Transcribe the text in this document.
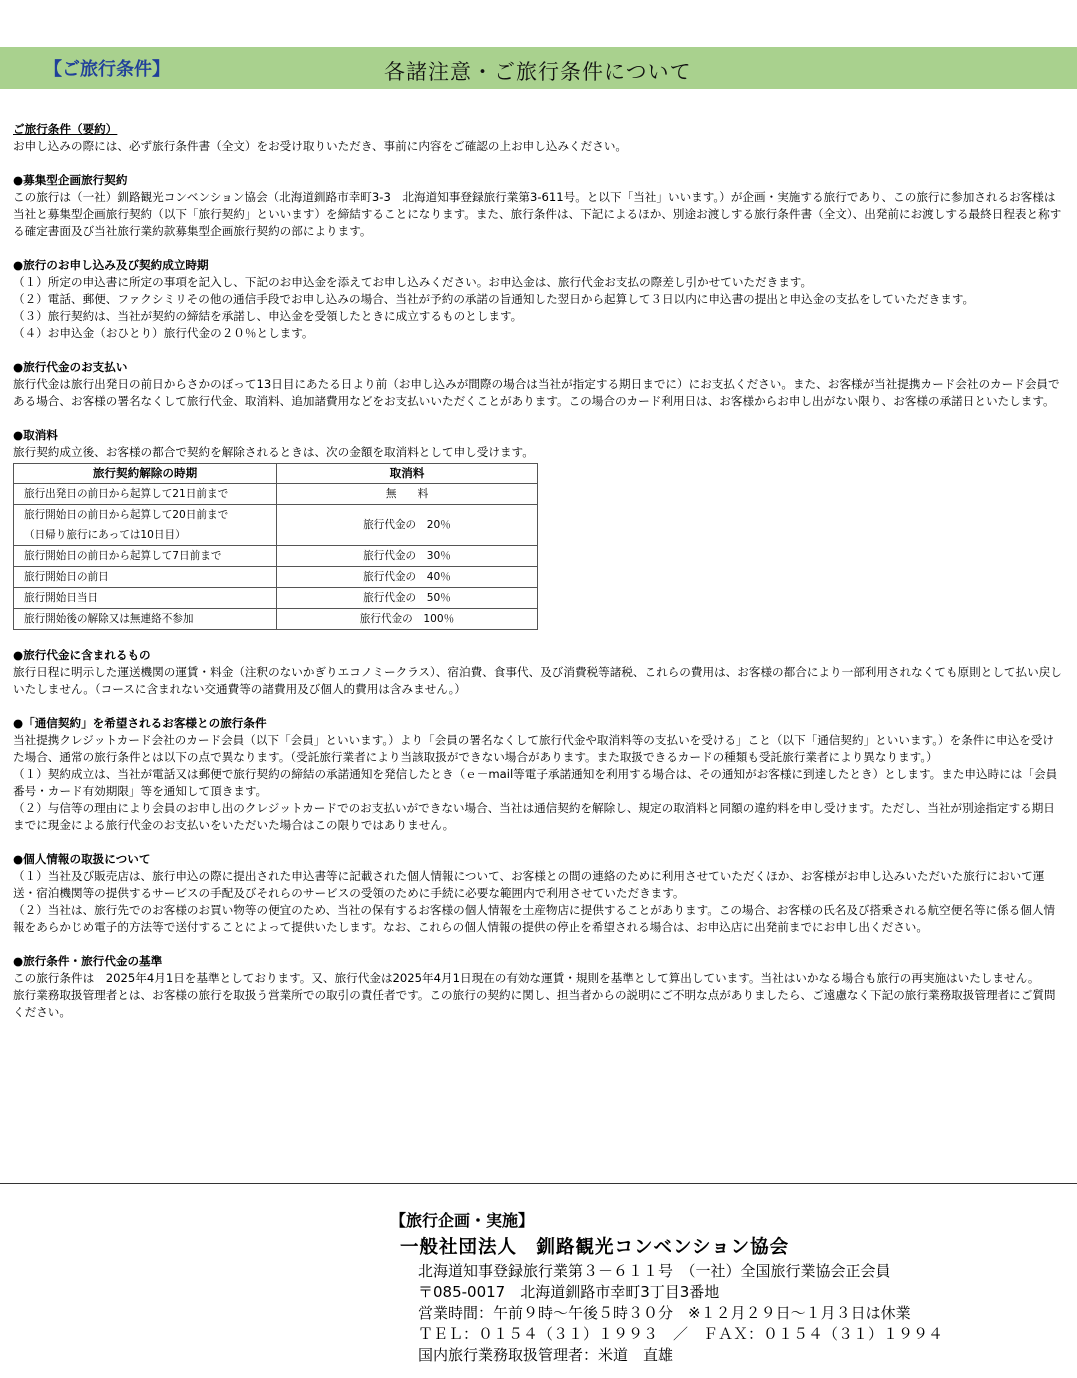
【ご旅行条件】	各諸注意・ご旅行条件について

ご旅行条件（要約）

お申し込みの際には、必ず旅行条件書（全文）をお受け取りいただき、事前に内容をご確認の上お申し込みください。

●募集型企画旅行契約

この旅行は（一社）釧路観光コンベンション協会（北海道釧路市幸町3-3　北海道知事登録旅行業第3-611号。と以下「当社」いいます。）が企画・実施する旅行であり、この旅行に参加されるお客様は当社と募集型企画旅行契約（以下「旅行契約」といいます）を締結することになります。また、旅行条件は、下記によるほか、別途お渡しする旅行条件書（全文）、出発前にお渡しする最終日程表と称する確定書面及び当社旅行業約款募集型企画旅行契約の部によります。

●旅行のお申し込み及び契約成立時期

（１）所定の申込書に所定の事項を記入し、下記のお申込金を添えてお申し込みください。お申込金は、旅行代金お支払の際差し引かせていただきます。

（２）電話、郵便、ファクシミリその他の通信手段でお申し込みの場合、当社が予約の承諾の旨通知した翌日から起算して３日以内に申込書の提出と申込金の支払をしていただきます。

（３）旅行契約は、当社が契約の締結を承諾し、申込金を受領したときに成立するものとします。

（４）お申込金（おひとり）旅行代金の２０％とします。

●旅行代金のお支払い

旅行代金は旅行出発日の前日からさかのぼって13日目にあたる日より前（お申し込みが間際の場合は当社が指定する期日までに）にお支払ください。また、お客様が当社提携カード会社のカード会員である場合、お客様の署名なくして旅行代金、取消料、追加諸費用などをお支払いいただくことがあります。この場合のカード利用日は、お客様からお申し出がない限り、お客様の承諾日といたします。

●取消料

旅行契約成立後、お客様の都合で契約を解除されるときは、次の金額を取消料として申し受けます。

旅行契約解除の時期	取消料
旅行出発日の前日から起算して21日前まで	無　　料

旅行開始日の前日から起算して20日前まで
（日帰り旅行にあっては10日目）	旅行代金の　20％
旅行開始日の前日から起算して7日前まで	旅行代金の　30％
旅行開始日の前日	旅行代金の　40％
旅行開始日当日	旅行代金の　50％
旅行開始後の解除又は無連絡不参加	旅行代金の　100％

●旅行代金に含まれるもの

旅行日程に明示した運送機関の運賃・料金（注釈のないかぎりエコノミークラス）、宿泊費、食事代、及び消費税等諸税、これらの費用は、お客様の都合により一部利用されなくても原則として払い戻しいたしません。（コースに含まれない交通費等の諸費用及び個人的費用は含みません。）

●「通信契約」を希望されるお客様との旅行条件

当社提携クレジットカード会社のカード会員（以下「会員」といいます。）より「会員の署名なくして旅行代金や取消料等の支払いを受ける」こと（以下「通信契約」といいます。）を条件に申込を受けた場合、通常の旅行条件とは以下の点で異なります。（受託旅行業者により当該取扱ができない場合があります。また取扱できるカードの種類も受託旅行業者により異なります。）

（１）契約成立は、当社が電話又は郵便で旅行契約の締結の承諾通知を発信したとき（ｅ－mail等電子承諾通知を利用する場合は、その通知がお客様に到達したとき）とします。また申込時には「会員番号・カード有効期限」等を通知して頂きます。

（２）与信等の理由により会員のお申し出のクレジットカードでのお支払いができない場合、当社は通信契約を解除し、規定の取消料と同額の違約料を申し受けます。ただし、当社が別途指定する期日までに現金による旅行代金のお支払いをいただいた場合はこの限りではありません。

●個人情報の取扱について

（１）当社及び販売店は、旅行申込の際に提出された申込書等に記載された個人情報について、お客様との間の連絡のために利用させていただくほか、お客様がお申し込みいただいた旅行において運送・宿泊機関等の提供するサービスの手配及びそれらのサービスの受領のために手続に必要な範囲内で利用させていただきます。

（２）当社は、旅行先でのお客様のお買い物等の便宜のため、当社の保有するお客様の個人情報を土産物店に提供することがあります。この場合、お客様の氏名及び搭乗される航空便名等に係る個人情報をあらかじめ電子的方法等で送付することによって提供いたします。なお、これらの個人情報の提供の停止を希望される場合は、お申込店に出発前までにお申し出ください。

●旅行条件・旅行代金の基準

この旅行条件は　2025年4月1日を基準としております。又、旅行代金は2025年4月1日現在の有効な運賃・規則を基準として算出しています。当社はいかなる場合も旅行の再実施はいたしません。

旅行業務取扱管理者とは、お客様の旅行を取扱う営業所での取引の責任者です。この旅行の契約に関し、担当者からの説明にご不明な点がありましたら、ご遠慮なく下記の旅行業務取扱管理者にご質問ください。

【旅行企画・実施】
一般社団法人　釧路観光コンベンション協会
北海道知事登録旅行業第３－６１１号　（一社）全国旅行業協会正会員
〒085-0017　北海道釧路市幸町3丁目3番地
営業時間：午前９時～午後５時３０分　※１２月２９日～１月３日は休業
ＴＥＬ：０１５４（３１）１９９３　／　ＦＡＸ：０１５４（３１）１９９４
国内旅行業務取扱管理者：米道　直雄
